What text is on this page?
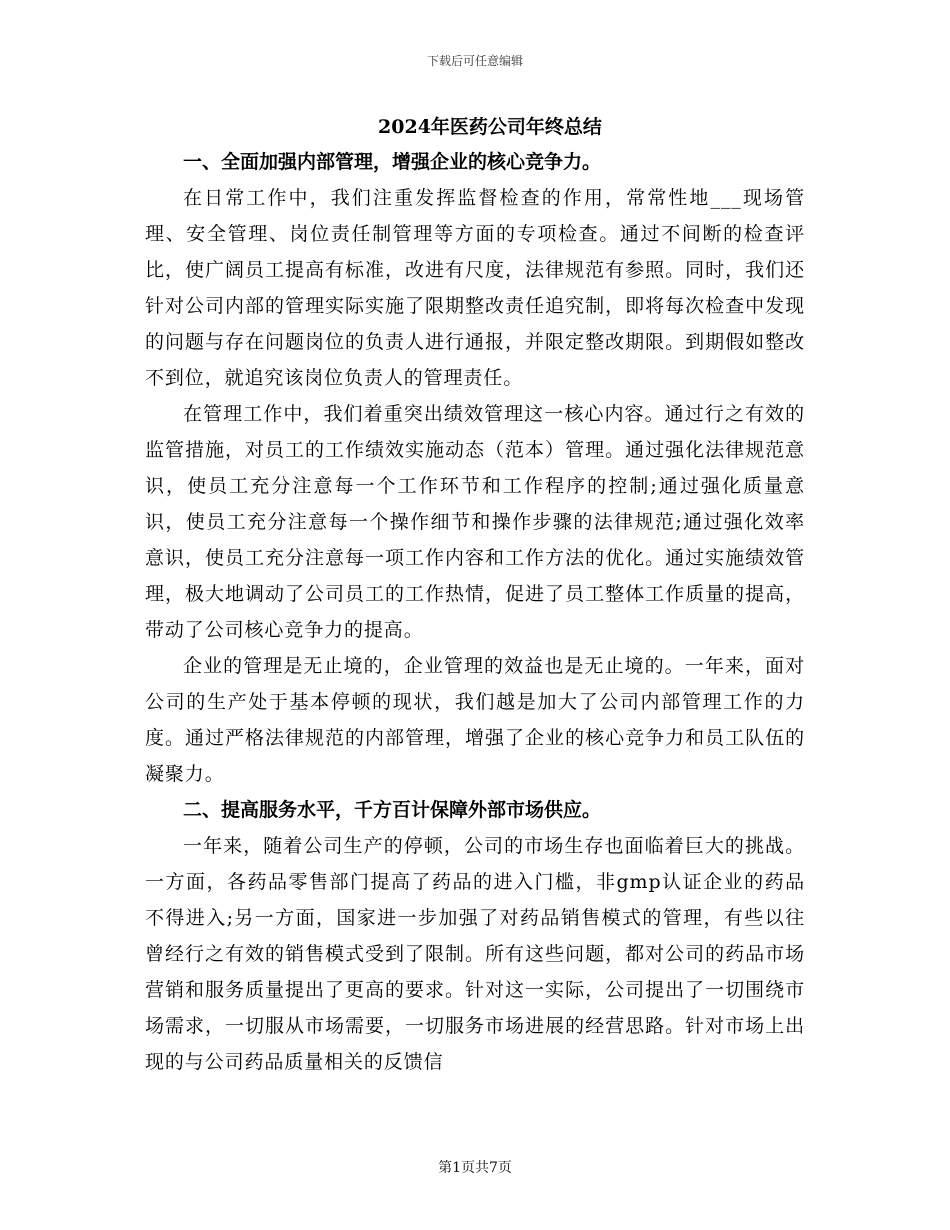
下载后可任意编辑
2024年医药公司年终总结
一、全面加强内部管理，增强企业的核心竞争力。

在日常工作中，我们注重发挥监督检查的作用，常常性地___现场管理、安全管理、岗位责任制管理等方面的专项检查。通过不间断的检查评比，使广阔员工提高有标准，改进有尺度，法律规范有参照。同时，我们还针对公司内部的管理实际实施了限期整改责任追究制，即将每次检查中发现的问题与存在问题岗位的负责人进行通报，并限定整改期限。到期假如整改不到位，就追究该岗位负责人的管理责任。

在管理工作中，我们着重突出绩效管理这一核心内容。通过行之有效的监管措施，对员工的工作绩效实施动态（范本）管理。通过强化法律规范意识，使员工充分注意每一个工作环节和工作程序的控制;通过强化质量意识，使员工充分注意每一个操作细节和操作步骤的法律规范;通过强化效率意识，使员工充分注意每一项工作内容和工作方法的优化。通过实施绩效管理，极大地调动了公司员工的工作热情，促进了员工整体工作质量的提高，带动了公司核心竞争力的提高。

企业的管理是无止境的，企业管理的效益也是无止境的。一年来，面对公司的生产处于基本停顿的现状，我们越是加大了公司内部管理工作的力度。通过严格法律规范的内部管理，增强了企业的核心竞争力和员工队伍的凝聚力。

二、提高服务水平，千方百计保障外部市场供应。

一年来，随着公司生产的停顿，公司的市场生存也面临着巨大的挑战。一方面，各药品零售部门提高了药品的进入门槛，非gmp认证企业的药品不得进入;另一方面，国家进一步加强了对药品销售模式的管理，有些以往曾经行之有效的销售模式受到了限制。所有这些问题，都对公司的药品市场营销和服务质量提出了更高的要求。针对这一实际，公司提出了一切围绕市场需求，一切服从市场需要，一切服务市场进展的经营思路。针对市场上出现的与公司药品质量相关的反馈信

第1页共7页
